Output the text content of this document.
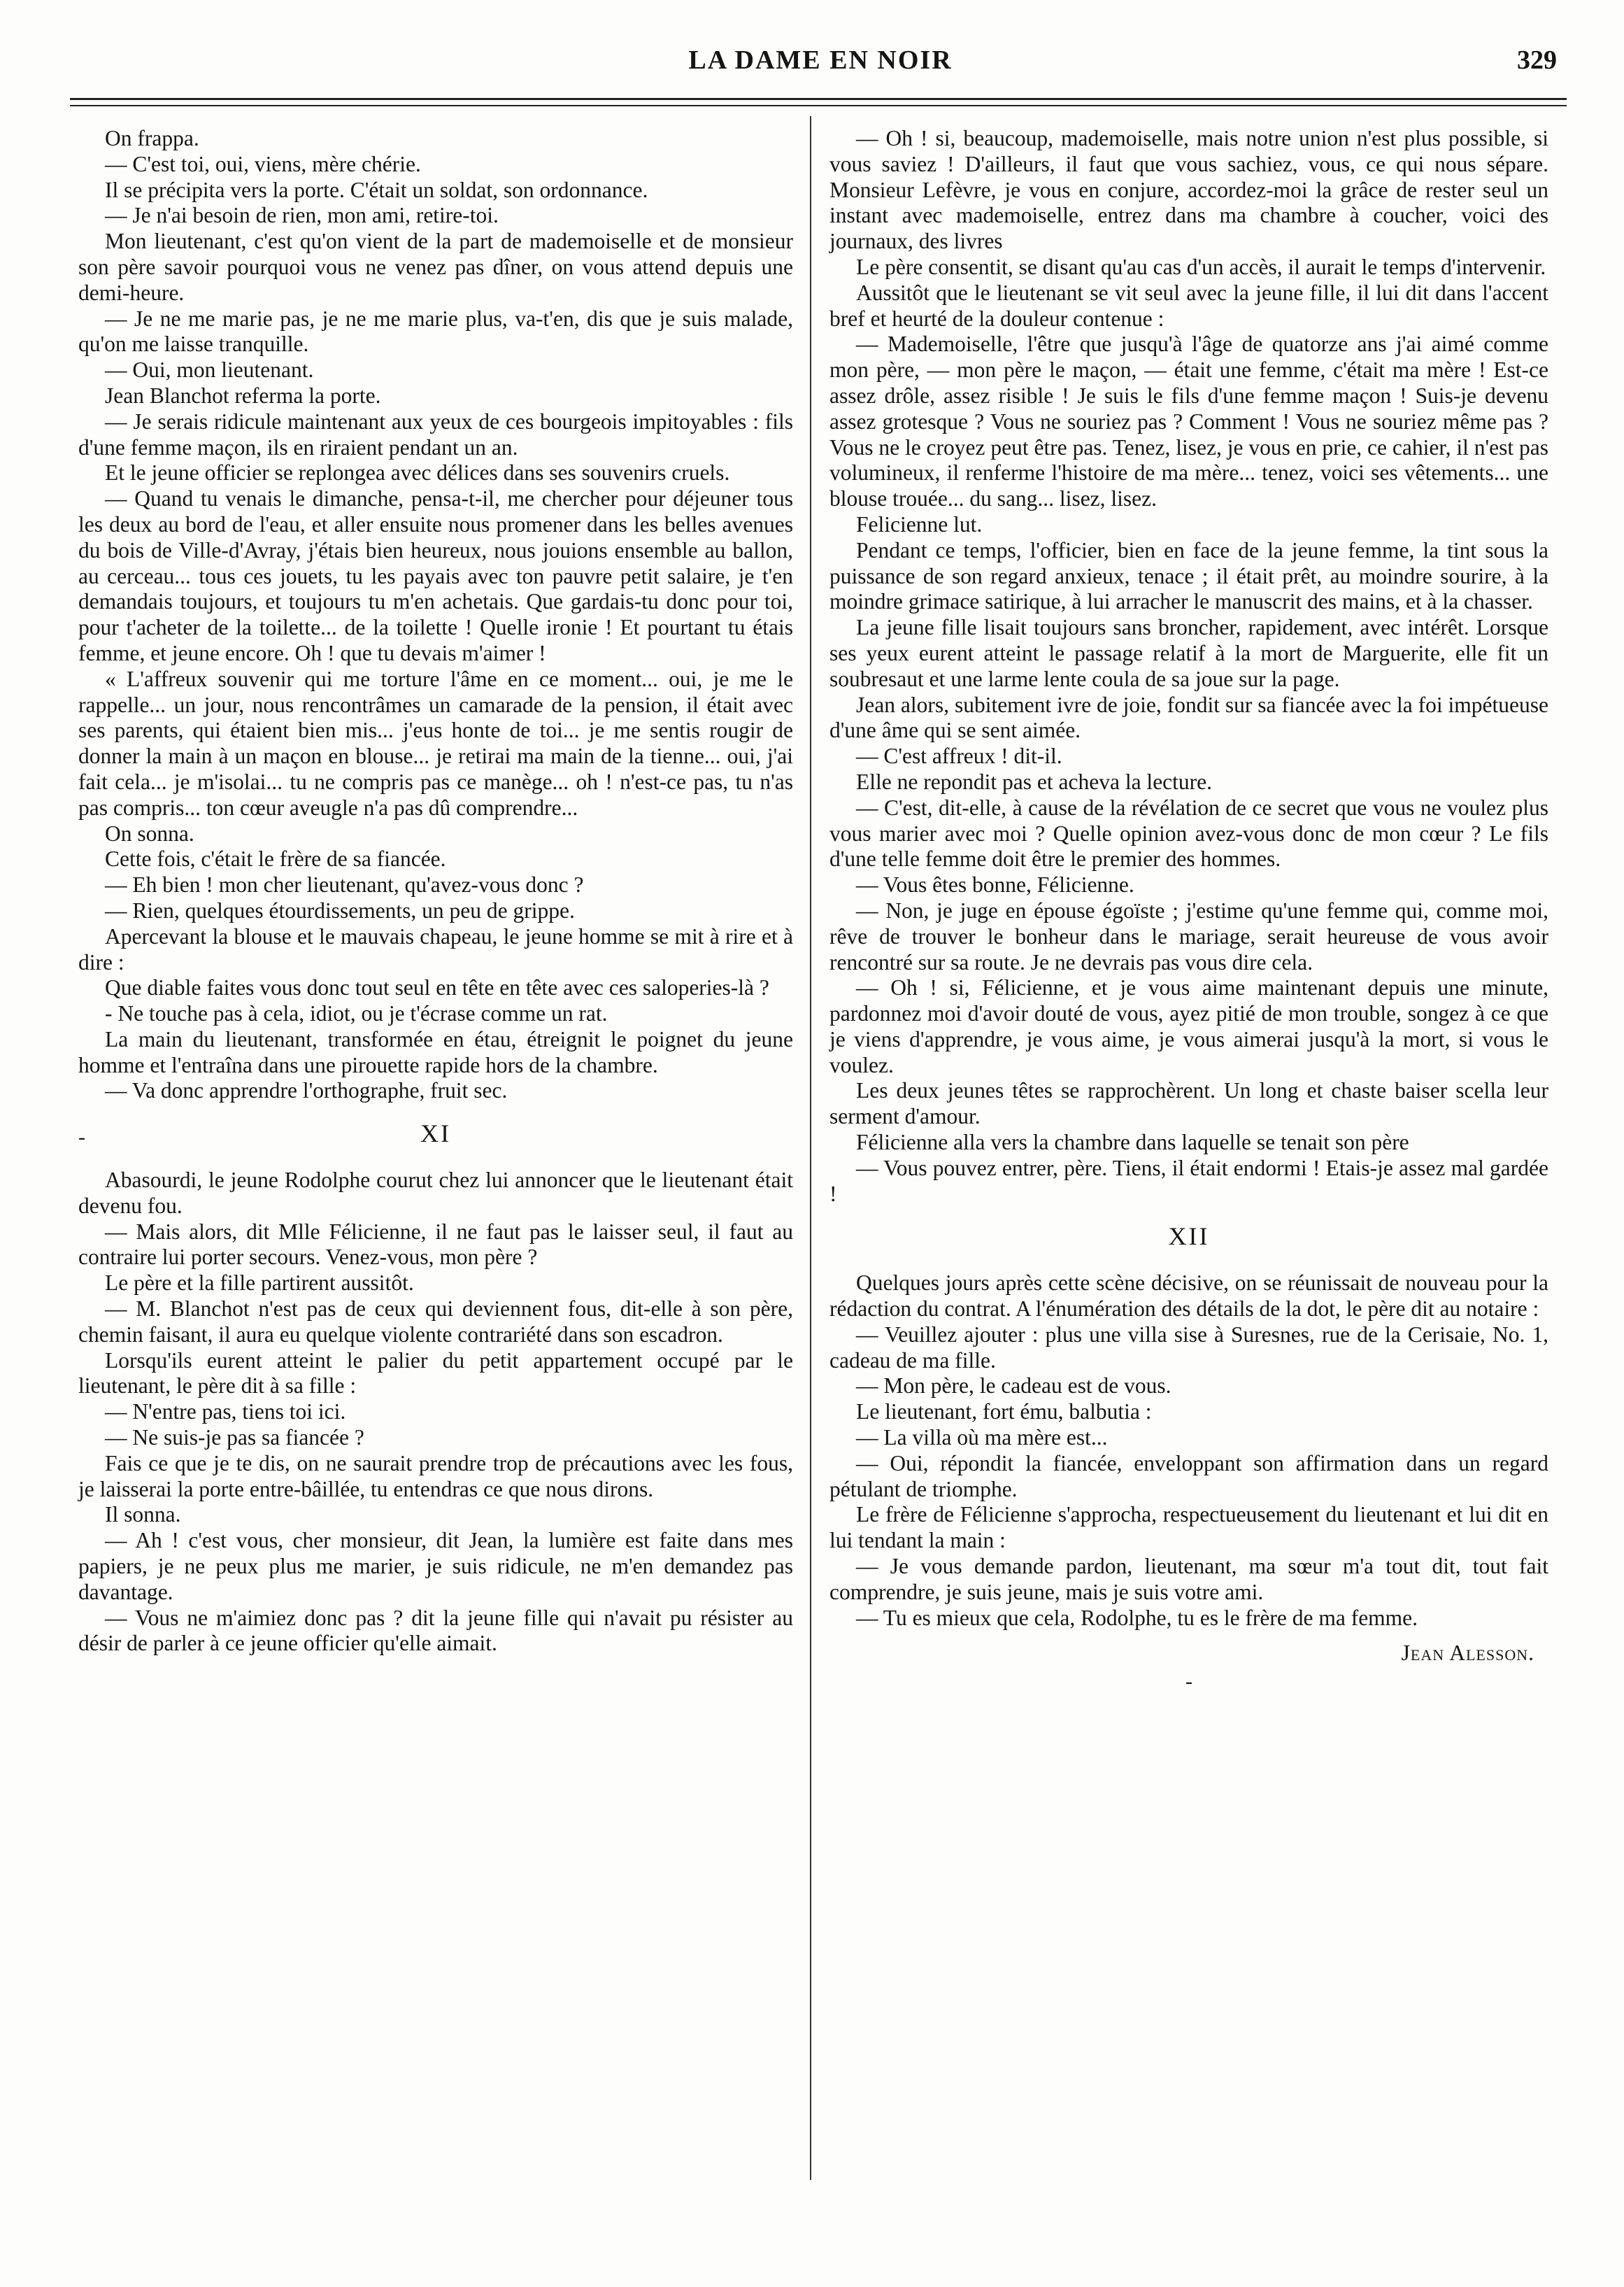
LA DAME EN NOIR	329

On frappa.

— C'est toi, oui, viens, mère chérie.

Il se précipita vers la porte. C'était un soldat, son ordonnance.

— Je n'ai besoin de rien, mon ami, retire-toi.

Mon lieutenant, c'est qu'on vient de la part de mademoiselle et de monsieur son père savoir pourquoi vous ne venez pas dîner, on vous attend depuis une demi-heure.

— Je ne me marie pas, je ne me marie plus, va-t'en, dis que je suis malade, qu'on me laisse tranquille.

— Oui, mon lieutenant.

Jean Blanchot referma la porte.

— Je serais ridicule maintenant aux yeux de ces bourgeois impitoyables : fils d'une femme maçon, ils en riraient pendant un an.

Et le jeune officier se replongea avec délices dans ses souvenirs cruels.

— Quand tu venais le dimanche, pensa-t-il, me chercher pour déjeuner tous les deux au bord de l'eau, et aller ensuite nous promener dans les belles avenues du bois de Ville-d'Avray, j'étais bien heureux, nous jouions ensemble au ballon, au cerceau... tous ces jouets, tu les payais avec ton pauvre petit salaire, je t'en demandais toujours, et toujours tu m'en achetais. Que gardais-tu donc pour toi, pour t'acheter de la toilette... de la toilette ! Quelle ironie ! Et pourtant tu étais femme, et jeune encore. Oh ! que tu devais m'aimer !

« L'affreux souvenir qui me torture l'âme en ce moment... oui, je me le rappelle... un jour, nous rencontrâmes un camarade de la pension, il était avec ses parents, qui étaient bien mis... j'eus honte de toi... je me sentis rougir de donner la main à un maçon en blouse... je retirai ma main de la tienne... oui, j'ai fait cela... je m'isolai... tu ne compris pas ce manège... oh ! n'est-ce pas, tu n'as pas compris... ton cœur aveugle n'a pas dû comprendre...

On sonna.

Cette fois, c'était le frère de sa fiancée.

— Eh bien ! mon cher lieutenant, qu'avez-vous donc ?

— Rien, quelques étourdissements, un peu de grippe.

Apercevant la blouse et le mauvais chapeau, le jeune homme se mit à rire et à dire :

Que diable faites vous donc tout seul en tête en tête avec ces saloperies-là ?

- Ne touche pas à cela, idiot, ou je t'écrase comme un rat.

La main du lieutenant, transformée en étau, étreignit le poignet du jeune homme et l'entraîna dans une pirouette rapide hors de la chambre.

— Va donc apprendre l'orthographe, fruit sec.

-	XI

Abasourdi, le jeune Rodolphe courut chez lui annoncer que le lieutenant était devenu fou.

— Mais alors, dit Mlle Félicienne, il ne faut pas le laisser seul, il faut au contraire lui porter secours. Venez-vous, mon père ?

Le père et la fille partirent aussitôt.

— M. Blanchot n'est pas de ceux qui deviennent fous, dit-elle à son père, chemin faisant, il aura eu quelque violente contrariété dans son escadron.

Lorsqu'ils eurent atteint le palier du petit appartement occupé par le lieutenant, le père dit à sa fille :

— N'entre pas, tiens toi ici.

— Ne suis-je pas sa fiancée ?

Fais ce que je te dis, on ne saurait prendre trop de précautions avec les fous, je laisserai la porte entre-bâillée, tu entendras ce que nous dirons.

Il sonna.

— Ah ! c'est vous, cher monsieur, dit Jean, la lumière est faite dans mes papiers, je ne peux plus me marier, je suis ridicule, ne m'en demandez pas davantage.

— Vous ne m'aimiez donc pas ? dit la jeune fille qui n'avait pu résister au désir de parler à ce jeune officier qu'elle aimait.

— Oh ! si, beaucoup, mademoiselle, mais notre union n'est plus possible, si vous saviez ! D'ailleurs, il faut que vous sachiez, vous, ce qui nous sépare. Monsieur Lefèvre, je vous en conjure, accordez-moi la grâce de rester seul un instant avec mademoiselle, entrez dans ma chambre à coucher, voici des journaux, des livres

Le père consentit, se disant qu'au cas d'un accès, il aurait le temps d'intervenir.

Aussitôt que le lieutenant se vit seul avec la jeune fille, il lui dit dans l'accent bref et heurté de la douleur contenue :

— Mademoiselle, l'être que jusqu'à l'âge de quatorze ans j'ai aimé comme mon père, — mon père le maçon, — était une femme, c'était ma mère ! Est-ce assez drôle, assez risible ! Je suis le fils d'une femme maçon ! Suis-je devenu assez grotesque ? Vous ne souriez pas ? Comment ! Vous ne souriez même pas ? Vous ne le croyez peut être pas. Tenez, lisez, je vous en prie, ce cahier, il n'est pas volumineux, il renferme l'histoire de ma mère... tenez, voici ses vêtements... une blouse trouée... du sang... lisez, lisez.

Felicienne lut.

Pendant ce temps, l'officier, bien en face de la jeune femme, la tint sous la puissance de son regard anxieux, tenace ; il était prêt, au moindre sourire, à la moindre grimace satirique, à lui arracher le manuscrit des mains, et à la chasser.

La jeune fille lisait toujours sans broncher, rapidement, avec intérêt. Lorsque ses yeux eurent atteint le passage relatif à la mort de Marguerite, elle fit un soubresaut et une larme lente coula de sa joue sur la page.

Jean alors, subitement ivre de joie, fondit sur sa fiancée avec la foi impétueuse d'une âme qui se sent aimée.

— C'est affreux ! dit-il.

Elle ne repondit pas et acheva la lecture.

— C'est, dit-elle, à cause de la révélation de ce secret que vous ne voulez plus vous marier avec moi ? Quelle opinion avez-vous donc de mon cœur ? Le fils d'une telle femme doit être le premier des hommes.

— Vous êtes bonne, Félicienne.

— Non, je juge en épouse égoïste ; j'estime qu'une femme qui, comme moi, rêve de trouver le bonheur dans le mariage, serait heureuse de vous avoir rencontré sur sa route. Je ne devrais pas vous dire cela.

— Oh ! si, Félicienne, et je vous aime maintenant depuis une minute, pardonnez moi d'avoir douté de vous, ayez pitié de mon trouble, songez à ce que je viens d'apprendre, je vous aime, je vous aimerai jusqu'à la mort, si vous le voulez.

Les deux jeunes têtes se rapprochèrent. Un long et chaste baiser scella leur serment d'amour.

Félicienne alla vers la chambre dans laquelle se tenait son père

— Vous pouvez entrer, père. Tiens, il était endormi ! Etais-je assez mal gardée !

XII

Quelques jours après cette scène décisive, on se réunissait de nouveau pour la rédaction du contrat. A l'énumération des détails de la dot, le père dit au notaire :

— Veuillez ajouter : plus une villa sise à Suresnes, rue de la Cerisaie, No. 1, cadeau de ma fille.

— Mon père, le cadeau est de vous.

Le lieutenant, fort ému, balbutia :

— La villa où ma mère est...

— Oui, répondit la fiancée, enveloppant son affirmation dans un regard pétulant de triomphe.

Le frère de Félicienne s'approcha, respectueusement du lieutenant et lui dit en lui tendant la main :

— Je vous demande pardon, lieutenant, ma sœur m'a tout dit, tout fait comprendre, je suis jeune, mais je suis votre ami.

— Tu es mieux que cela, Rodolphe, tu es le frère de ma femme.

Jean Alesson.
-
